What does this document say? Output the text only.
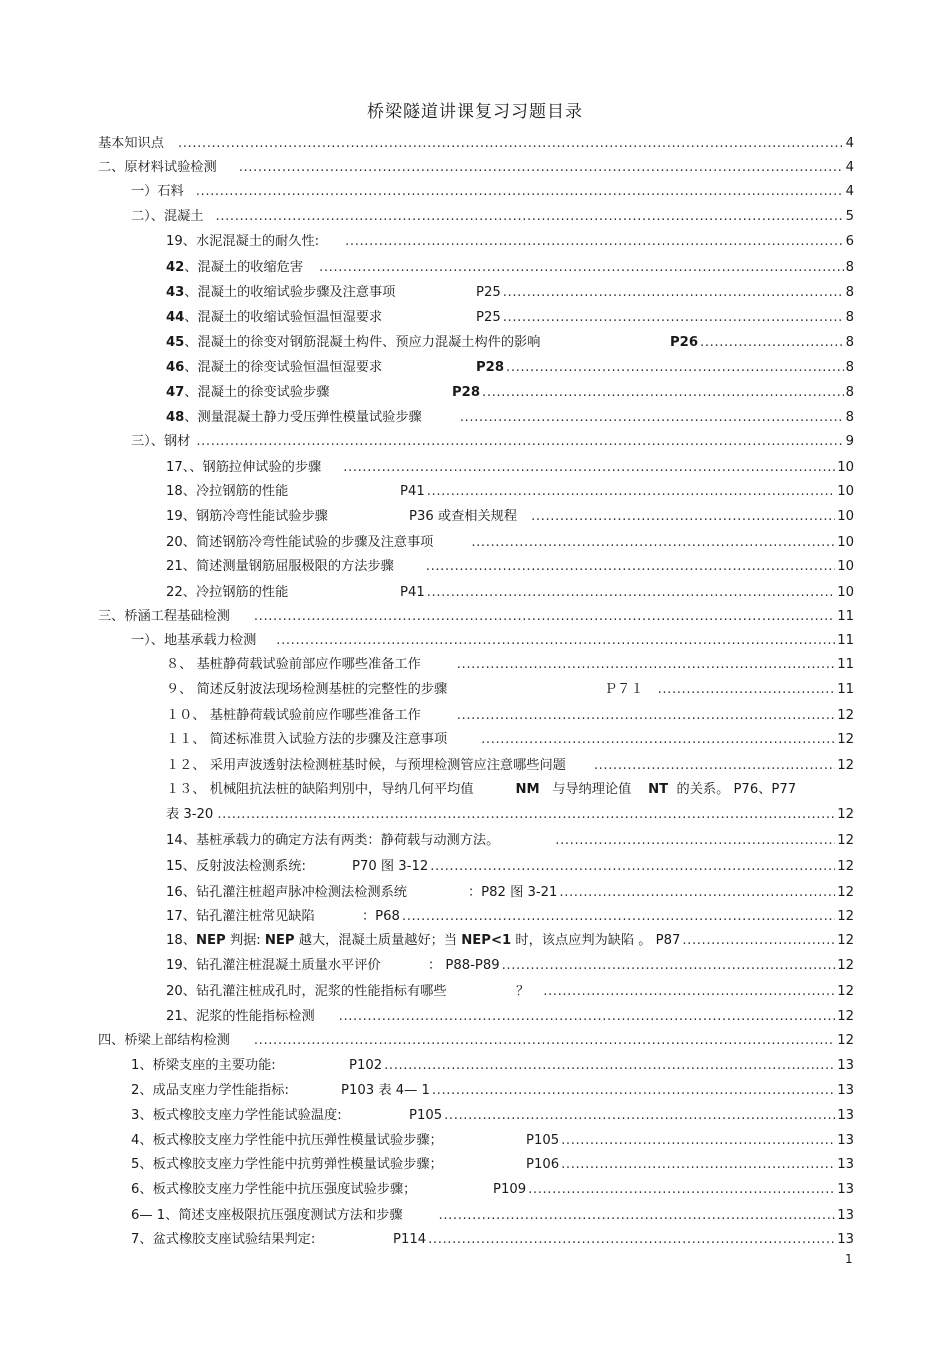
桥梁隧道讲课复习习题目录
基本知识点 .....	4
二、原材料试验检测 .....	4
一）石料 .....	4
二）、混凝土 .....	5
19、水泥混凝土的耐久性: .....	6
42、混凝土的收缩危害 .....	8
43、混凝土的收缩试验步骤及注意事项	P25 .....	8
44、混凝土的收缩试验恒温恒湿要求	P25 .....	8
45、混凝土的徐变对钢筋混凝土构件、预应力混凝土构件的影响	P26 .....	8
46、混凝土的徐变试验恒温恒湿要求	P28 .....	8
47、混凝土的徐变试验步骤	P28 .....	8
48、测量混凝土静力受压弹性模量试验步骤 .....	8
三）、钢材 .....	9
17、、钢筋拉伸试验的步骤 .....	10
18、冷拉钢筋的性能	P41 .....	10
19、钢筋冷弯性能试验步骤	P36 或查相关规程 .....	10
20、简述钢筋冷弯性能试验的步骤及注意事项 .....	10
21、简述测量钢筋屈服极限的方法步骤 .....	10
22、冷拉钢筋的性能	P41 .....	10
三、桥涵工程基础检测 .....	11
一）、地基承载力检测 .....	11
８、 基桩静荷载试验前部应作哪些准备工作 .....	11
９、 简述反射波法现场检测基桩的完整性的步骤	Ｐ７１ .....	11
１０、 基桩静荷载试验前应作哪些准备工作 .....	12
１１、 简述标准贯入试验方法的步骤及注意事项 .....	12
１２、 采用声波透射法检测桩基时候，与预埋检测管应注意哪些问题 .....	12
１３、 机械阻抗法桩的缺陷判別中，导纳几何平均值	NM 与导纳理论值 NT 的关系。 P76、P77
表 3-20 .....	12
14、基桩承载力的确定方法有两类：静荷载与动测方法。 .....	12
15、反射波法检测系统:	P70 图 3-12 .....	12
16、钻孔灌注桩超声脉冲检测法检测系统	：P82 图 3-21 .....	12
17、钻孔灌注桩常见缺陷	：P68 .....	12
18、NEP 判据: NEP 越大，混凝土质量越好；当 NEP<1 时，该点应判为缺陷 。 P87 .....	12
19、钻孔灌注桩混凝土质量水平评价	： P88-P89 .....	12
20、钻孔灌注桩成孔时，泥浆的性能指标有哪些	？ .....	12
21、泥浆的性能指标检测 .....	12
四、桥梁上部结构检测 .....	12
1、桥梁支座的主要功能:	P102 .....	13
2、成品支座力学性能指标:	P103 表 4— 1 .....	13
3、板式橡胶支座力学性能试验温度:	P105 .....	13
4、板式橡胶支座力学性能中抗压弹性模量试验步骤；	P105 .....	13
5、板式橡胶支座力学性能中抗剪弹性模量试验步骤；	P106 .....	13
6、板式橡胶支座力学性能中抗压强度试验步骤；	P109 .....	13
6— 1、简述支座极限抗压强度测试方法和步骤 .....	13
7、盆式橡胶支座试验结果判定:	P114 .....	13
1
